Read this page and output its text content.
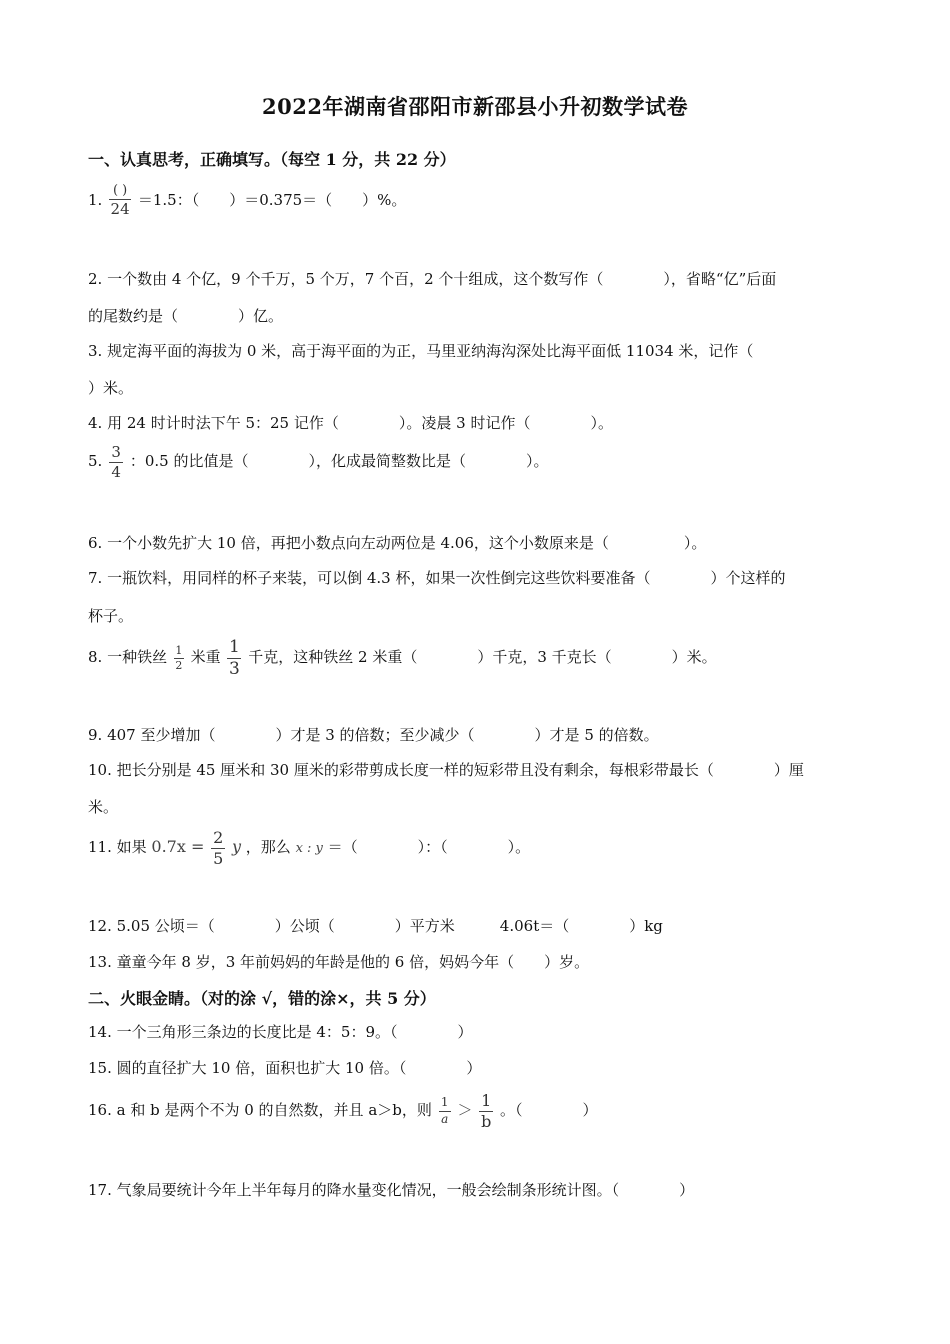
2022年湖南省邵阳市新邵县小升初数学试卷
一、认真思考，正确填写。（每空 1 分，共 22 分）
1. $\frac{( )}{24} =1.5$：（　　）＝0.375＝（　　）%。
2. 一个数由 4 个亿，9 个千万，5 个万，7 个百，2 个十组成，这个数写作（　　　　），省略“亿”后面
的尾数约是（　　　　）亿。
3. 规定海平面的海拔为 0 米，高于海平面的为正，马里亚纳海沟深处比海平面低 11034 米，记作（
）米。
4. 用 24 时计时法下午 5：25 记作（　　　　）。凌晨 3 时记作（　　　　）。
5. $\frac{3}{4}$ ：0.5 的比值是（　　　　），化成最简整数比是（　　　　）。
6. 一个小数先扩大 10 倍，再把小数点向左动两位是 4.06，这个小数原来是（　　　　　）。
7. 一瓶饮料，用同样的杯子来装，可以倒 4.3 杯，如果一次性倒完这些饮料要准备（　　　　）个这样的
杯子。
8. 一种铁丝 $\frac{1}{2}$ 米重 $\frac{1}{3}$ 千克，这种铁丝 2 米重（　　　　）千克，3 千克长（　　　　）米。
9. 407 至少增加（　　　　）才是 3 的倍数；至少减少（　　　　）才是 5 的倍数。
10. 把长分别是 45 厘米和 30 厘米的彩带剪成长度一样的短彩带且没有剩余，每根彩带最长（　　　　）厘
米。
11. 如果 $0.7x = \frac{2}{5}$ y ，那么 x : y ＝（　　　　）：（　　　　）。
12. 5.05 公顷＝（　　　　）公顷（　　　　）平方米　　　4.06t＝（　　　　）kg
13. 童童今年 8 岁，3 年前妈妈的年龄是他的 6 倍，妈妈今年（　　）岁。
二、火眼金睛。（对的涂 √，错的涂×，共 5 分）
14. 一个三角形三条边的长度比是 4：5：9。（　　　　）
15. 圆的直径扩大 10 倍，面积也扩大 10 倍。（　　　　）
16. a 和 b 是两个不为 0 的自然数，并且 a＞b，则 $\frac{1}{a} > \frac{1}{b}$ 。（　　　　）
17. 气象局要统计今年上半年每月的降水量变化情况，一般会绘制条形统计图。（　　　　）
